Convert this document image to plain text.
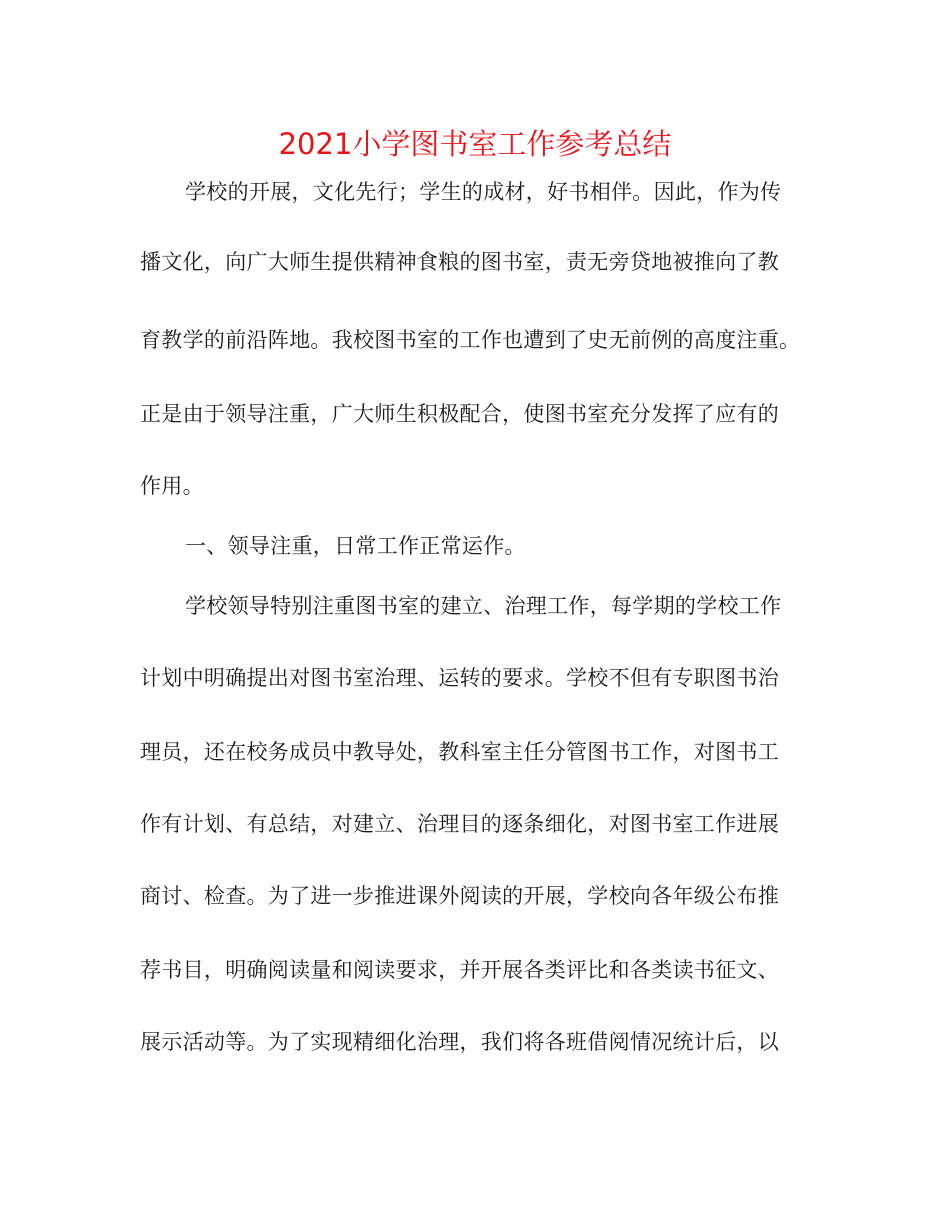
2021小学图书室工作参考总结
学校的开展，文化先行；学生的成材，好书相伴。因此，作为传
播文化，向广大师生提供精神食粮的图书室，责无旁贷地被推向了教
育教学的前沿阵地。我校图书室的工作也遭到了史无前例的高度注重。
正是由于领导注重，广大师生积极配合，使图书室充分发挥了应有的
作用。
一、领导注重，日常工作正常运作。
学校领导特别注重图书室的建立、治理工作，每学期的学校工作
计划中明确提出对图书室治理、运转的要求。学校不但有专职图书治
理员，还在校务成员中教导处，教科室主任分管图书工作，对图书工
作有计划、有总结，对建立、治理目的逐条细化，对图书室工作进展
商讨、检查。为了进一步推进课外阅读的开展，学校向各年级公布推
荐书目，明确阅读量和阅读要求，并开展各类评比和各类读书征文、
展示活动等。为了实现精细化治理，我们将各班借阅情况统计后，以
